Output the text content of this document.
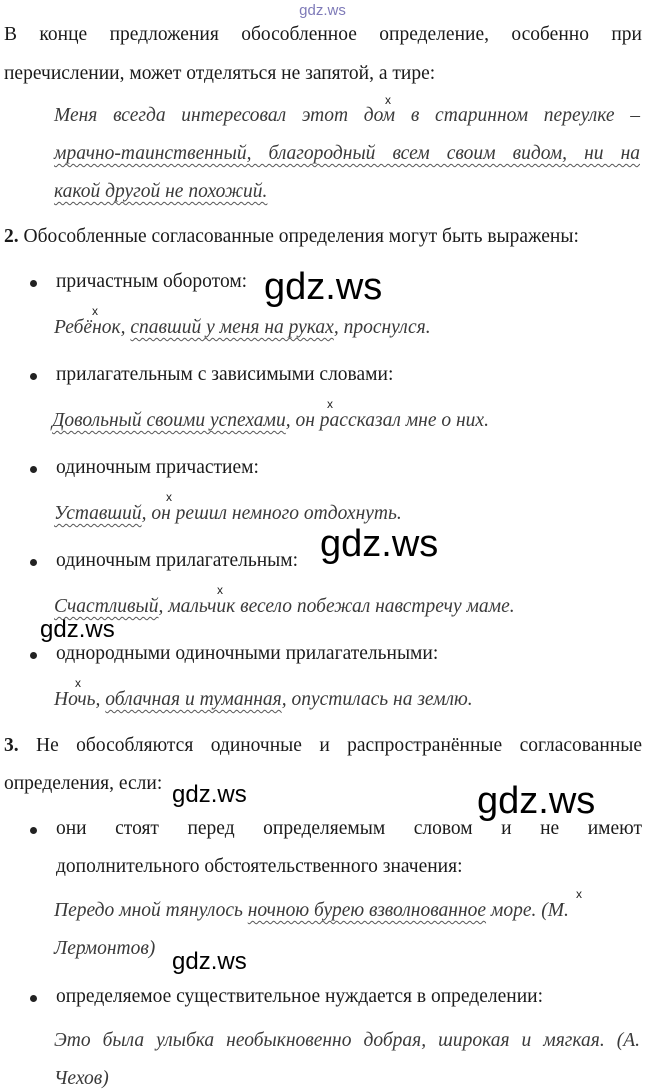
gdz.ws
В конце предложения обособленное определение, особенно при
перечислении, может отделяться не запятой, а тире:
x
Меня всегда интересовал этот дом в старинном переулке –
мрачно-таинственный, благородный всем своим видом, ни на
какой другой не похожий.
2. Обособленные согласованные определения могут быть выражены:
причастным оборотом:
x
Ребёнок, спавший у меня на руках, проснулся.
прилагательным с зависимыми словами:
x
Довольный своими успехами, он рассказал мне о них.
одиночным причастием:
x
Уставший, он решил немного отдохнуть.
одиночным прилагательным:
x
Счастливый, мальчик весело побежал навстречу маме.
однородными одиночными прилагательными:
x
Ночь, облачная и туманная, опустилась на землю.
3. Не обособляются одиночные и распространённые согласованные
определения, если:
они стоят перед определяемым словом и не имеют
дополнительного обстоятельственного значения:
x
Передо мной тянулось ночною бурею взволнованное море. (М.
Лермонтов)
определяемое существительное нуждается в определении:
Это была улыбка необыкновенно добрая, широкая и мягкая. (А.
Чехов)
gdz.ws
gdz.ws
gdz.ws
gdz.ws
gdz.ws
gdz.ws
